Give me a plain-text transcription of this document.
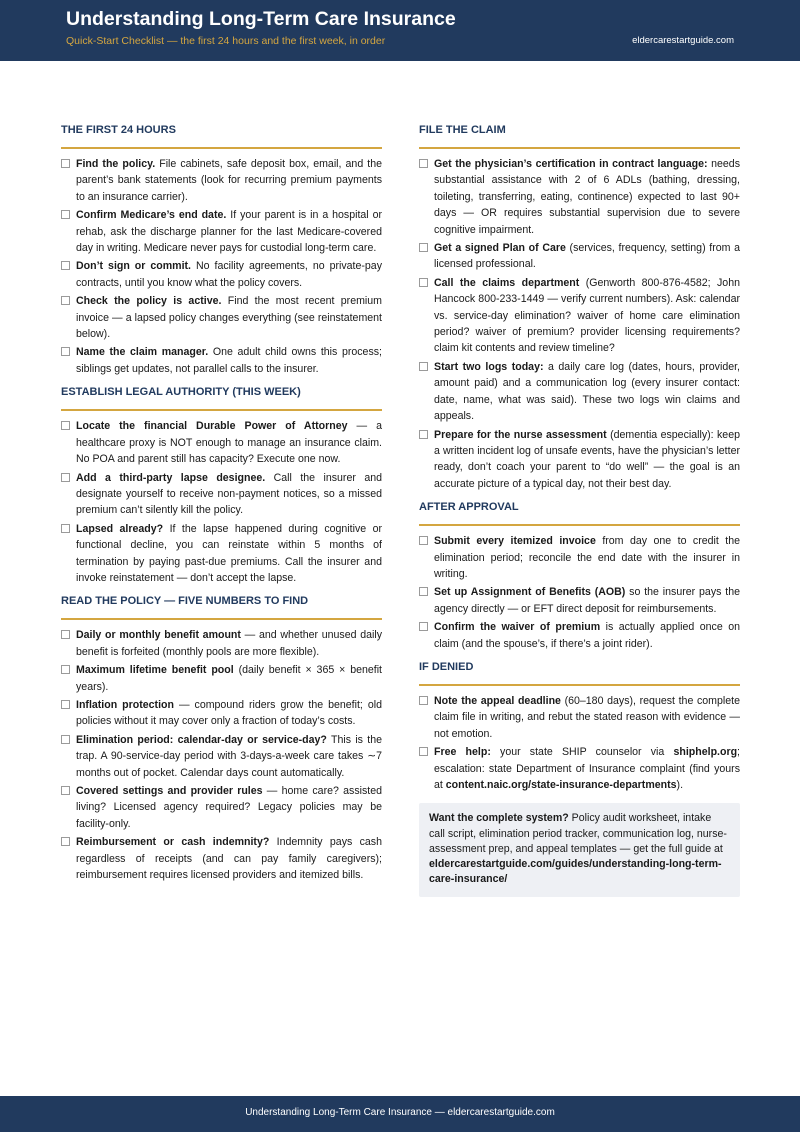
Understanding Long-Term Care Insurance
Quick-Start Checklist — the first 24 hours and the first week, in order	eldercarestartguide.com
THE FIRST 24 HOURS
Find the policy. File cabinets, safe deposit box, email, and the parent’s bank statements (look for recurring premium payments to an insurance carrier).
Confirm Medicare’s end date. If your parent is in a hospital or rehab, ask the discharge planner for the last Medicare-covered day in writing. Medicare never pays for custodial long-term care.
Don’t sign or commit. No facility agreements, no private-pay contracts, until you know what the policy covers.
Check the policy is active. Find the most recent premium invoice — a lapsed policy changes everything (see reinstatement below).
Name the claim manager. One adult child owns this process; siblings get updates, not parallel calls to the insurer.
ESTABLISH LEGAL AUTHORITY (THIS WEEK)
Locate the financial Durable Power of Attorney — a healthcare proxy is NOT enough to manage an insurance claim. No POA and parent still has capacity? Execute one now.
Add a third-party lapse designee. Call the insurer and designate yourself to receive non-payment notices, so a missed premium can’t silently kill the policy.
Lapsed already? If the lapse happened during cognitive or functional decline, you can reinstate within 5 months of termination by paying past-due premiums. Call the insurer and invoke reinstatement — don’t accept the lapse.
READ THE POLICY — FIVE NUMBERS TO FIND
Daily or monthly benefit amount — and whether unused daily benefit is forfeited (monthly pools are more flexible).
Maximum lifetime benefit pool (daily benefit × 365 × benefit years).
Inflation protection — compound riders grow the benefit; old policies without it may cover only a fraction of today’s costs.
Elimination period: calendar-day or service-day? This is the trap. A 90-service-day period with 3-days-a-week care takes ∼7 months out of pocket. Calendar days count automatically.
Covered settings and provider rules — home care? assisted living? Licensed agency required? Legacy policies may be facility-only.
Reimbursement or cash indemnity? Indemnity pays cash regardless of receipts (and can pay family caregivers); reimbursement requires licensed providers and itemized bills.
FILE THE CLAIM
Get the physician’s certification in contract language: needs substantial assistance with 2 of 6 ADLs (bathing, dressing, toileting, transferring, eating, continence) expected to last 90+ days — OR requires substantial supervision due to severe cognitive impairment.
Get a signed Plan of Care (services, frequency, setting) from a licensed professional.
Call the claims department (Genworth 800-876-4582; John Hancock 800-233-1449 — verify current numbers). Ask: calendar vs. service-day elimination? waiver of home care elimination period? waiver of premium? provider licensing requirements? claim kit contents and review timeline?
Start two logs today: a daily care log (dates, hours, provider, amount paid) and a communication log (every insurer contact: date, name, what was said). These two logs win claims and appeals.
Prepare for the nurse assessment (dementia especially): keep a written incident log of unsafe events, have the physician’s letter ready, don’t coach your parent to “do well” — the goal is an accurate picture of a typical day, not their best day.
AFTER APPROVAL
Submit every itemized invoice from day one to credit the elimination period; reconcile the end date with the insurer in writing.
Set up Assignment of Benefits (AOB) so the insurer pays the agency directly — or EFT direct deposit for reimbursements.
Confirm the waiver of premium is actually applied once on claim (and the spouse’s, if there’s a joint rider).
IF DENIED
Note the appeal deadline (60–180 days), request the complete claim file in writing, and rebut the stated reason with evidence — not emotion.
Free help: your state SHIP counselor via shiphelp.org; escalation: state Department of Insurance complaint (find yours at content.naic.org/state-insurance-departments).
Want the complete system? Policy audit worksheet, intake call script, elimination period tracker, communication log, nurse-assessment prep, and appeal templates — get the full guide at
eldercarestartguide.com/guides/understanding-long-term-care-insurance/
Understanding Long-Term Care Insurance — eldercarestartguide.com
